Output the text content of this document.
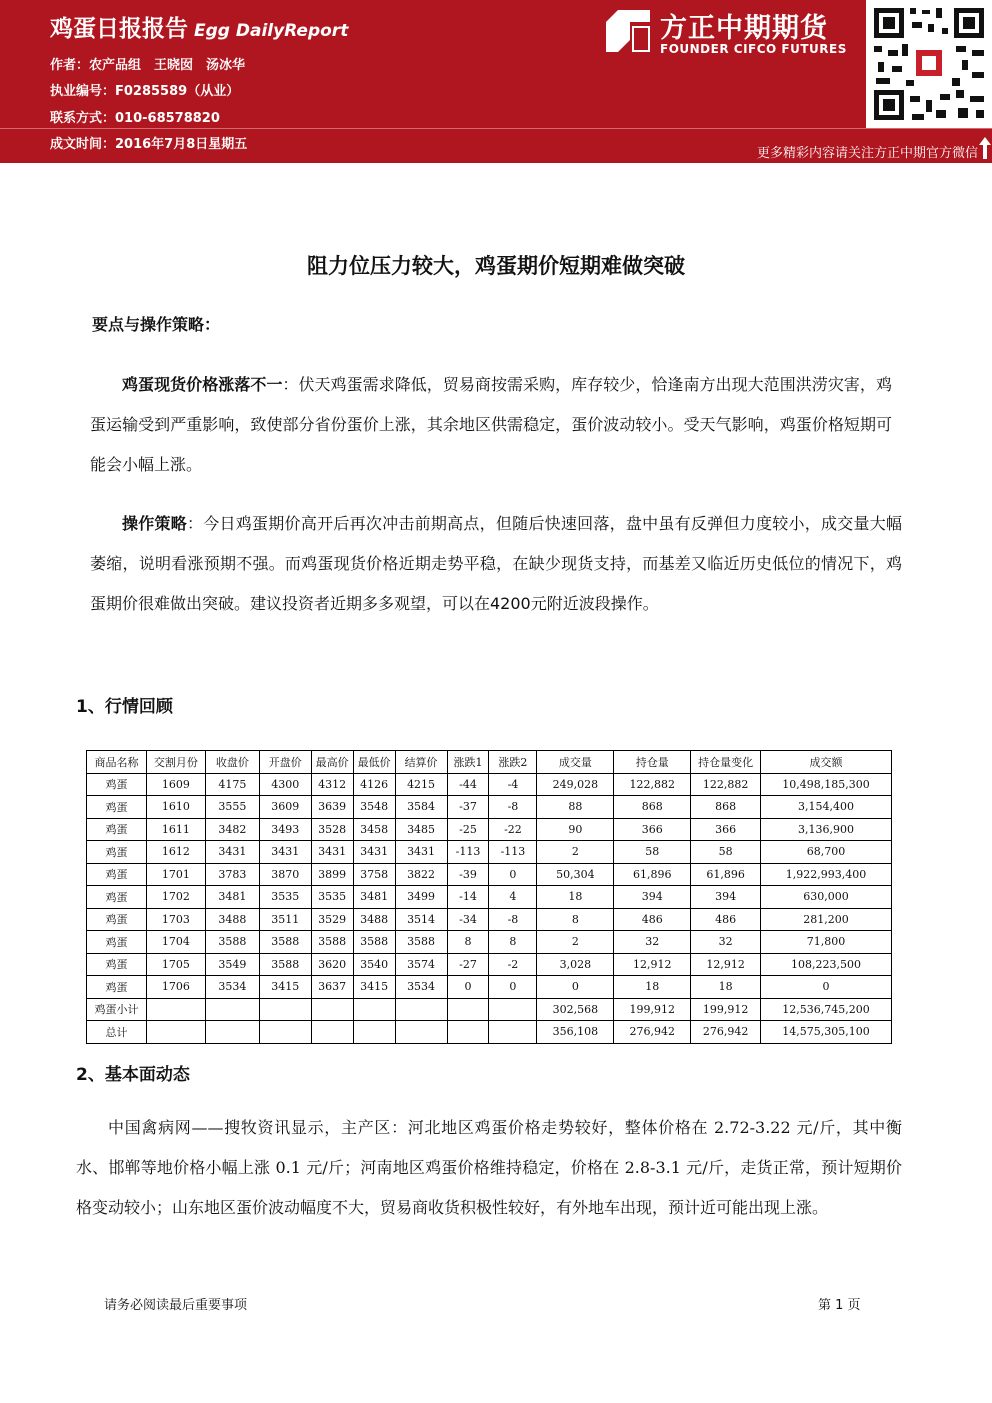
鸡蛋日报报告 Egg DailyReport
作者：农产品组　王晓囡　汤冰华
执业编号：F0285589（从业）
联系方式：010-68578820
成文时间：2016年7月8日星期五
方正中期期货
FOUNDER CIFCO FUTURES
更多精彩内容请关注方正中期官方微信
阻力位压力较大，鸡蛋期价短期难做突破
要点与操作策略：
鸡蛋现货价格涨落不一：伏天鸡蛋需求降低，贸易商按需采购，库存较少，恰逢南方出现大范围洪涝灾害，鸡蛋运输受到严重影响，致使部分省份蛋价上涨，其余地区供需稳定，蛋价波动较小。受天气影响，鸡蛋价格短期可能会小幅上涨。
操作策略：今日鸡蛋期价高开后再次冲击前期高点，但随后快速回落，盘中虽有反弹但力度较小，成交量大幅萎缩，说明看涨预期不强。而鸡蛋现货价格近期走势平稳，在缺少现货支持，而基差又临近历史低位的情况下，鸡蛋期价很难做出突破。建议投资者近期多多观望，可以在4200元附近波段操作。
1、行情回顾
商品名称	交割月份	收盘价	开盘价	最高价	最低价	结算价	涨跌1	涨跌2	成交量	持仓量	持仓量变化	成交额
鸡蛋	1609	4175	4300	4312	4126	4215	-44	-4	249,028	122,882	122,882	10,498,185,300
鸡蛋	1610	3555	3609	3639	3548	3584	-37	-8	88	868	868	3,154,400
鸡蛋	1611	3482	3493	3528	3458	3485	-25	-22	90	366	366	3,136,900
鸡蛋	1612	3431	3431	3431	3431	3431	-113	-113	2	58	58	68,700
鸡蛋	1701	3783	3870	3899	3758	3822	-39	0	50,304	61,896	61,896	1,922,993,400
鸡蛋	1702	3481	3535	3535	3481	3499	-14	4	18	394	394	630,000
鸡蛋	1703	3488	3511	3529	3488	3514	-34	-8	8	486	486	281,200
鸡蛋	1704	3588	3588	3588	3588	3588	8	8	2	32	32	71,800
鸡蛋	1705	3549	3588	3620	3540	3574	-27	-2	3,028	12,912	12,912	108,223,500
鸡蛋	1706	3534	3415	3637	3415	3534	0	0	0	18	18	0
鸡蛋小计									302,568	199,912	199,912	12,536,745,200
总计									356,108	276,942	276,942	14,575,305,100
2、基本面动态
中国禽病网——搜牧资讯显示，主产区：河北地区鸡蛋价格走势较好，整体价格在 2.72-3.22 元/斤，其中衡水、邯郸等地价格小幅上涨 0.1 元/斤；河南地区鸡蛋价格维持稳定，价格在 2.8-3.1 元/斤，走货正常，预计短期价格变动较小；山东地区蛋价波动幅度不大，贸易商收货积极性较好，有外地车出现，预计近可能出现上涨。
请务必阅读最后重要事项	第 1 页
